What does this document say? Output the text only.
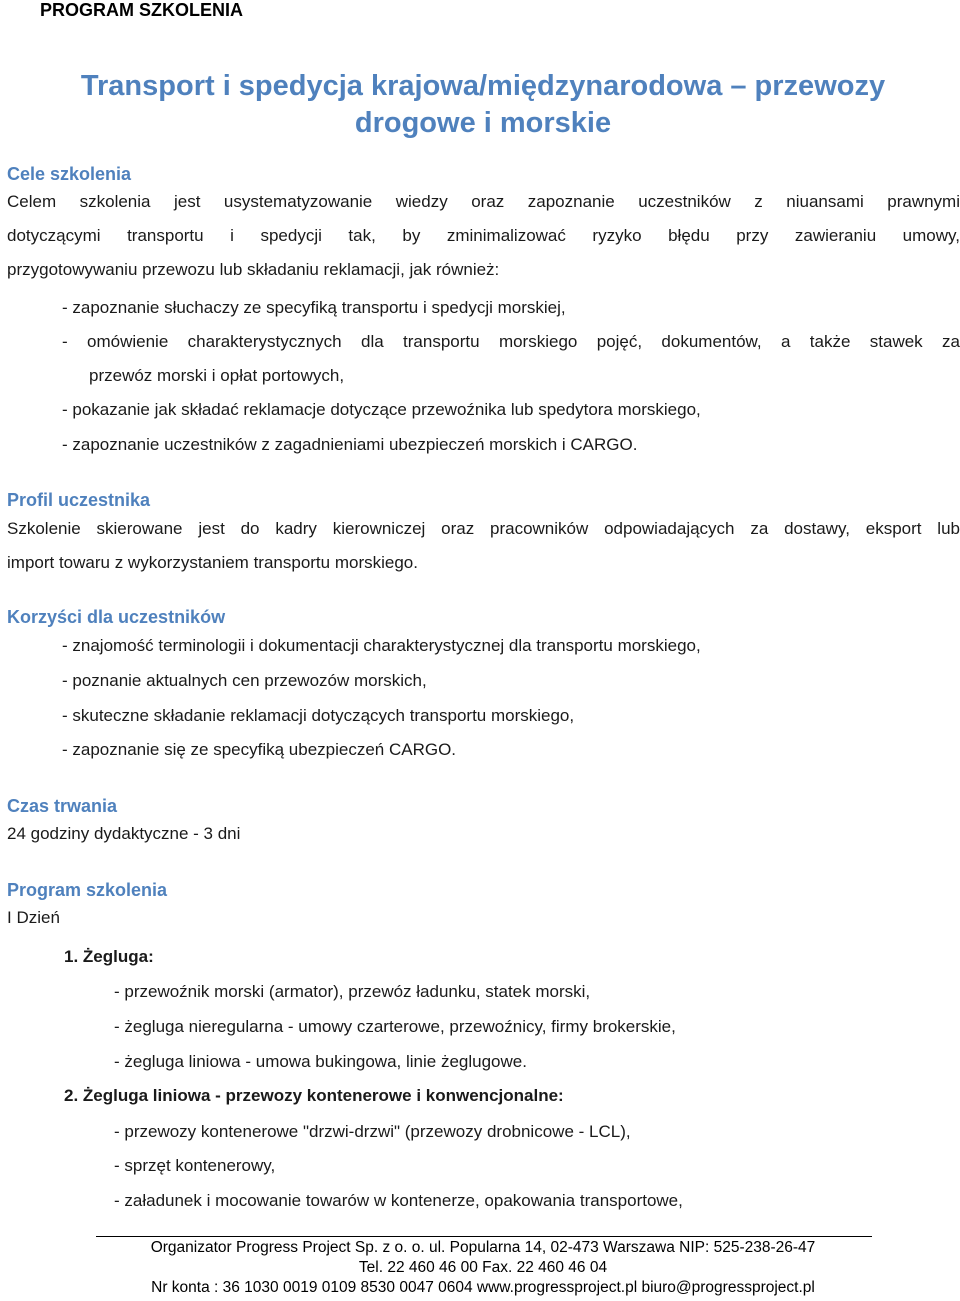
PROGRAM SZKOLENIA
Transport i spedycja krajowa/międzynarodowa – przewozy
drogowe i morskie
Cele szkolenia
Celem szkolenia jest usystematyzowanie wiedzy oraz zapoznanie uczestników z niuansami prawnymi
dotyczącymi transportu i spedycji tak, by zminimalizować ryzyko błędu przy zawieraniu umowy,
przygotowywaniu przewozu lub składaniu reklamacji, jak również:
- zapoznanie słuchaczy ze specyfiką transportu i spedycji morskiej,
- omówienie charakterystycznych dla transportu morskiego pojęć, dokumentów, a także stawek za
przewóz morski i opłat portowych,
- pokazanie jak składać reklamacje dotyczące przewoźnika lub spedytora morskiego,
- zapoznanie uczestników z zagadnieniami ubezpieczeń morskich i CARGO.
Profil uczestnika
Szkolenie skierowane jest do kadry kierowniczej oraz pracowników odpowiadających za dostawy, eksport lub
import towaru z wykorzystaniem transportu morskiego.
Korzyści dla uczestników
- znajomość terminologii i dokumentacji charakterystycznej dla transportu morskiego,
- poznanie aktualnych cen przewozów morskich,
- skuteczne składanie reklamacji dotyczących transportu morskiego,
- zapoznanie się ze specyfiką ubezpieczeń CARGO.
Czas trwania
24 godziny dydaktyczne - 3 dni
Program szkolenia
I Dzień
1. Żegluga:
- przewoźnik morski (armator), przewóz ładunku, statek morski,
- żegluga nieregularna - umowy czarterowe, przewoźnicy, firmy brokerskie,
- żegluga liniowa - umowa bukingowa, linie żeglugowe.
2. Żegluga liniowa - przewozy kontenerowe i konwencjonalne:
- przewozy kontenerowe "drzwi-drzwi" (przewozy drobnicowe - LCL),
- sprzęt kontenerowy,
- załadunek i mocowanie towarów w kontenerze, opakowania transportowe,
Organizator Progress Project Sp. z o. o. ul. Popularna 14, 02-473 Warszawa NIP: 525-238-26-47
Tel. 22 460 46 00 Fax. 22 460 46 04
Nr konta : 36 1030 0019 0109 8530 0047 0604 www.progressproject.pl biuro@progressproject.pl
